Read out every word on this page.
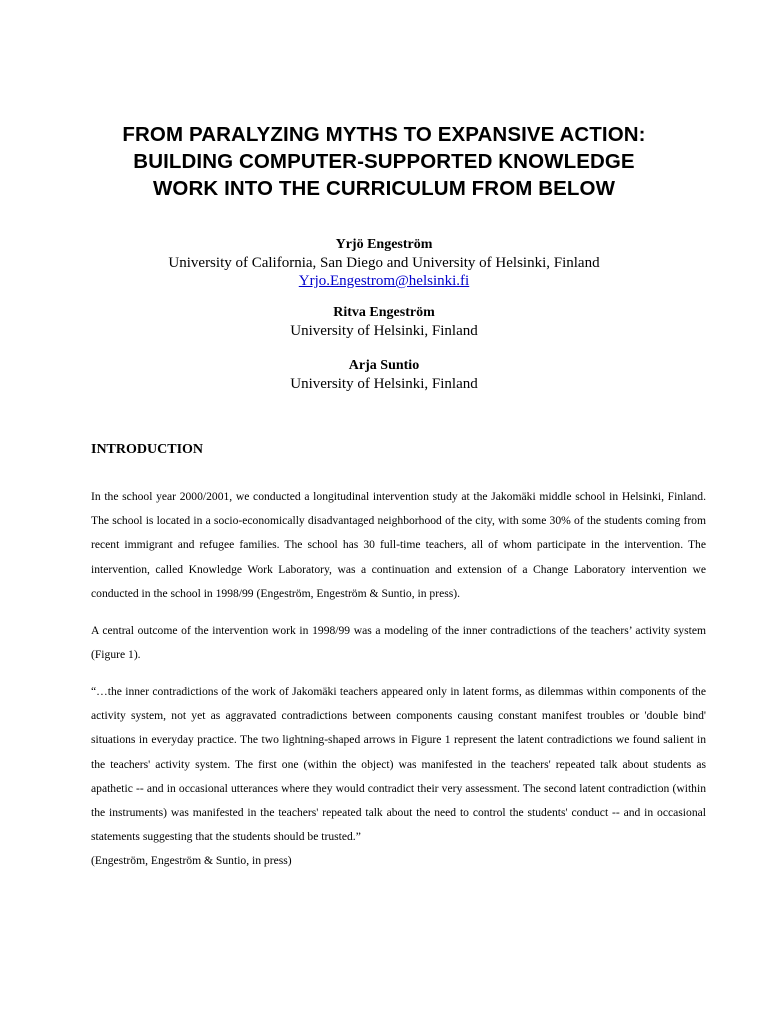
FROM PARALYZING MYTHS TO EXPANSIVE ACTION:
BUILDING COMPUTER-SUPPORTED KNOWLEDGE
WORK INTO THE CURRICULUM FROM BELOW
Yrjö Engeström
University of California, San Diego and University of Helsinki, Finland
Yrjo.Engestrom@helsinki.fi
Ritva Engeström
University of Helsinki, Finland
Arja Suntio
University of Helsinki, Finland
INTRODUCTION

In the school year 2000/2001, we conducted a longitudinal intervention study at the Jakomäki middle school in Helsinki, Finland. The school is located in a socio-economically disadvantaged neighborhood of the city, with some 30% of the students coming from recent immigrant and refugee families. The school has 30 full-time teachers, all of whom participate in the intervention. The intervention, called Knowledge Work Laboratory, was a continuation and extension of a Change Laboratory intervention we conducted in the school in 1998/99 (Engeström, Engeström & Suntio, in press).

A central outcome of the intervention work in 1998/99 was a modeling of the inner contradictions of the teachers’ activity system (Figure 1).

“…the inner contradictions of the work of Jakomäki teachers appeared only in latent forms, as dilemmas within components of the activity system, not yet as aggravated contradictions between components causing constant manifest troubles or 'double bind' situations in everyday practice. The two lightning-shaped arrows in Figure 1 represent the latent contradictions we found salient in the teachers' activity system. The first one (within the object) was manifested in the teachers' repeated talk about students as apathetic -- and in occasional utterances where they would contradict their very assessment. The second latent contradiction (within the instruments) was manifested in the teachers' repeated talk about the need to control the students' conduct -- and in occasional statements suggesting that the students should be trusted.”
(Engeström, Engeström & Suntio, in press)
